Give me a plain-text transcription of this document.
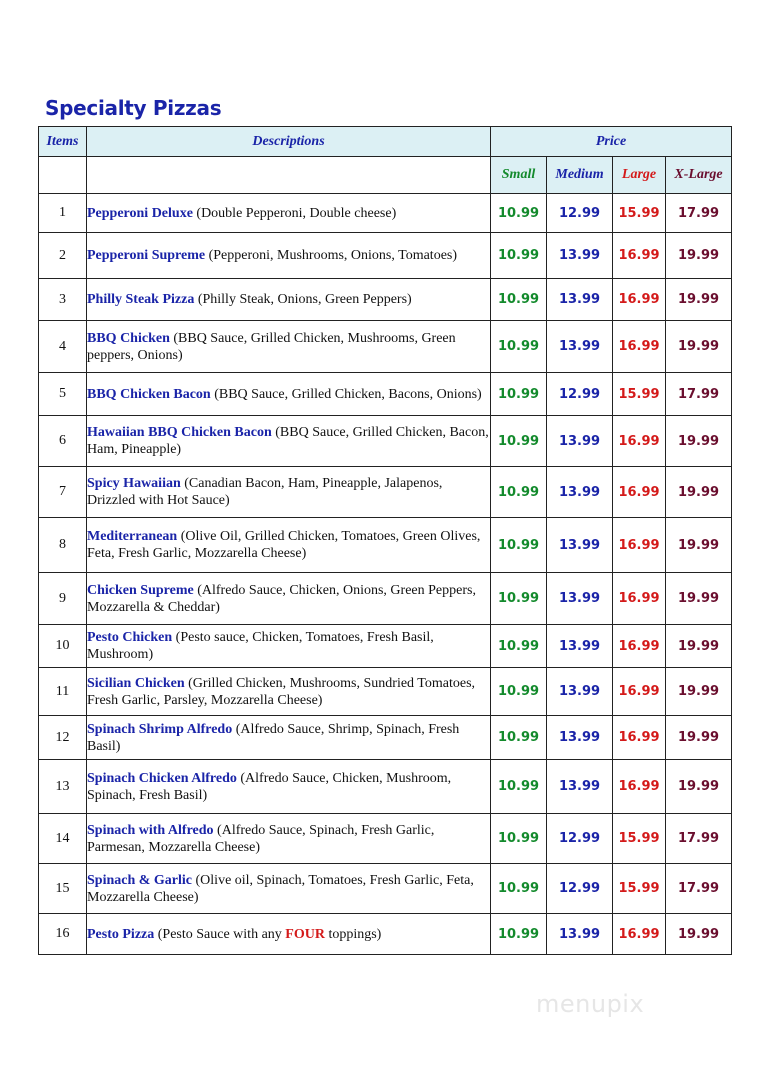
Specialty Pizzas
Items	Descriptions	Price			
		Small	Medium	Large	X-Large
1	Pepperoni Deluxe (Double Pepperoni, Double cheese)	10.99	12.99	15.99	17.99
2	Pepperoni Supreme (Pepperoni, Mushrooms, Onions, Tomatoes)	10.99	13.99	16.99	19.99
3	Philly Steak Pizza (Philly Steak, Onions, Green Peppers)	10.99	13.99	16.99	19.99
4	BBQ Chicken (BBQ Sauce, Grilled Chicken, Mushrooms, Green peppers, Onions)	10.99	13.99	16.99	19.99
5	BBQ Chicken Bacon (BBQ Sauce, Grilled Chicken, Bacons, Onions)	10.99	12.99	15.99	17.99
6	Hawaiian BBQ Chicken Bacon (BBQ Sauce, Grilled Chicken, Bacon, Ham, Pineapple)	10.99	13.99	16.99	19.99
7	Spicy Hawaiian (Canadian Bacon, Ham, Pineapple, Jalapenos, Drizzled with Hot Sauce)	10.99	13.99	16.99	19.99
8	Mediterranean (Olive Oil, Grilled Chicken, Tomatoes, Green Olives, Feta, Fresh Garlic, Mozzarella Cheese)	10.99	13.99	16.99	19.99
9	Chicken Supreme (Alfredo Sauce, Chicken, Onions, Green Peppers, Mozzarella & Cheddar)	10.99	13.99	16.99	19.99
10	Pesto Chicken (Pesto sauce, Chicken, Tomatoes, Fresh Basil, Mushroom)	10.99	13.99	16.99	19.99
11	Sicilian Chicken (Grilled Chicken, Mushrooms, Sundried Tomatoes, Fresh Garlic, Parsley, Mozzarella Cheese)	10.99	13.99	16.99	19.99
12	Spinach Shrimp Alfredo (Alfredo Sauce, Shrimp, Spinach, Fresh Basil)	10.99	13.99	16.99	19.99
13	Spinach Chicken Alfredo (Alfredo Sauce, Chicken, Mushroom, Spinach, Fresh Basil)	10.99	13.99	16.99	19.99
14	Spinach with Alfredo (Alfredo Sauce, Spinach, Fresh Garlic, Parmesan, Mozzarella Cheese)	10.99	12.99	15.99	17.99
15	Spinach & Garlic (Olive oil, Spinach, Tomatoes, Fresh Garlic, Feta, Mozzarella Cheese)	10.99	12.99	15.99	17.99
16	Pesto Pizza (Pesto Sauce with any FOUR toppings)	10.99	13.99	16.99	19.99
menupix
